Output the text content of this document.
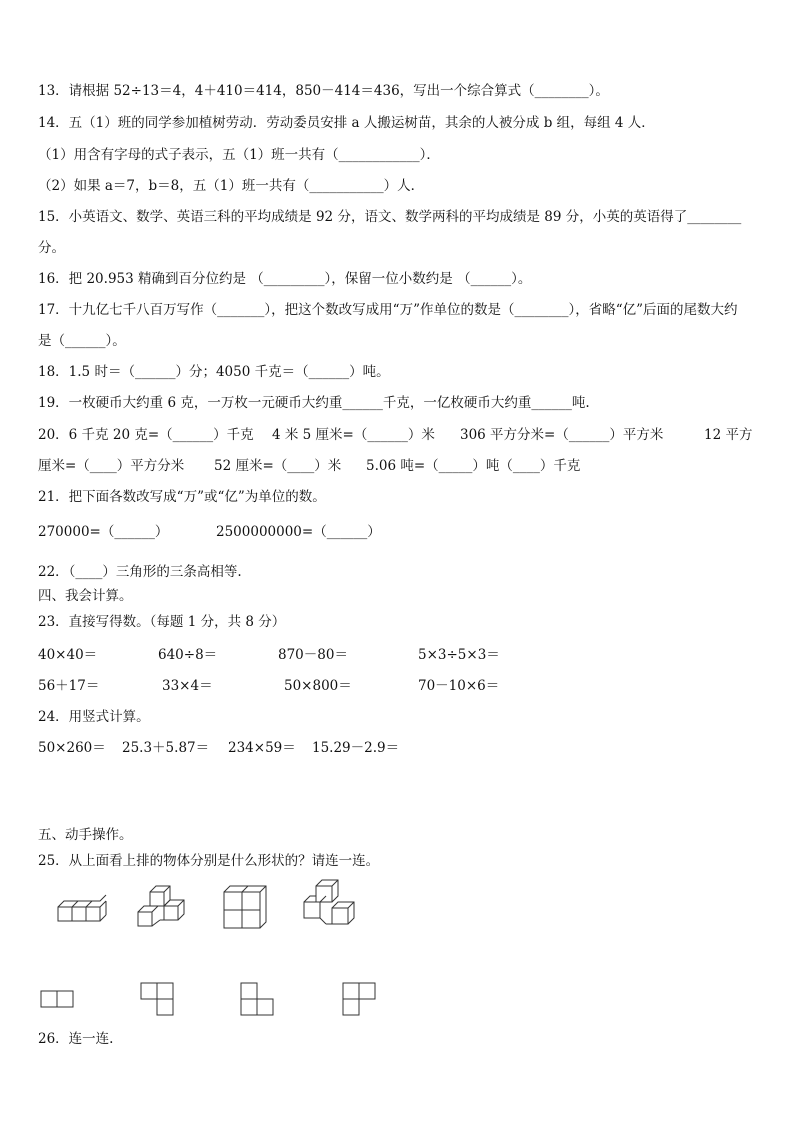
13．请根据 52÷13＝4，4＋410＝414，850－414＝436，写出一个综合算式（________）。
14．五（1）班的同学参加植树劳动．劳动委员安排 a 人搬运树苗，其余的人被分成 b 组，每组 4 人．
（1）用含有字母的式子表示，五（1）班一共有（____________）．
（2）如果 a＝7，b＝8，五（1）班一共有（___________）人．
15．小英语文、数学、英语三科的平均成绩是 92 分，语文、数学两科的平均成绩是 89 分，小英的英语得了________
分。
16．把 20.953 精确到百分位约是 （_________），保留一位小数约是 （______）。
17．十九亿七千八百万写作（_______），把这个数改写成用“万”作单位的数是（________），省略“亿”后面的尾数大约
是（______）。
18．1.5 时＝（______）分；4050 千克＝（______）吨。
19．一枚硬币大约重 6 克，一万枚一元硬币大约重______千克，一亿枚硬币大约重______吨.
20．6 千克 20 克=（______）千克 4 米 5 厘米=（______）米 306 平方分米=（______）平方米	12 平方
厘米=（____）平方分米 52 厘米=（____）米 5.06 吨=（_____）吨（____）千克
21．把下面各数改写成“万”或“亿”为单位的数。
270000=（______）	2500000000=（______）
22．（____）三角形的三条高相等.
四、我会计算。
23．直接写得数。（每题 1 分，共 8 分）
40×40＝	640÷8＝	870－80＝	5×3÷5×3＝
56＋17＝	33×4＝	50×800＝	70－10×6＝
24．用竖式计算。
50×260＝ 25.3＋5.87＝ 234×59＝ 15.29－2.9＝
五、动手操作。
25．从上面看上排的物体分别是什么形状的？请连一连。
26．连一连.
